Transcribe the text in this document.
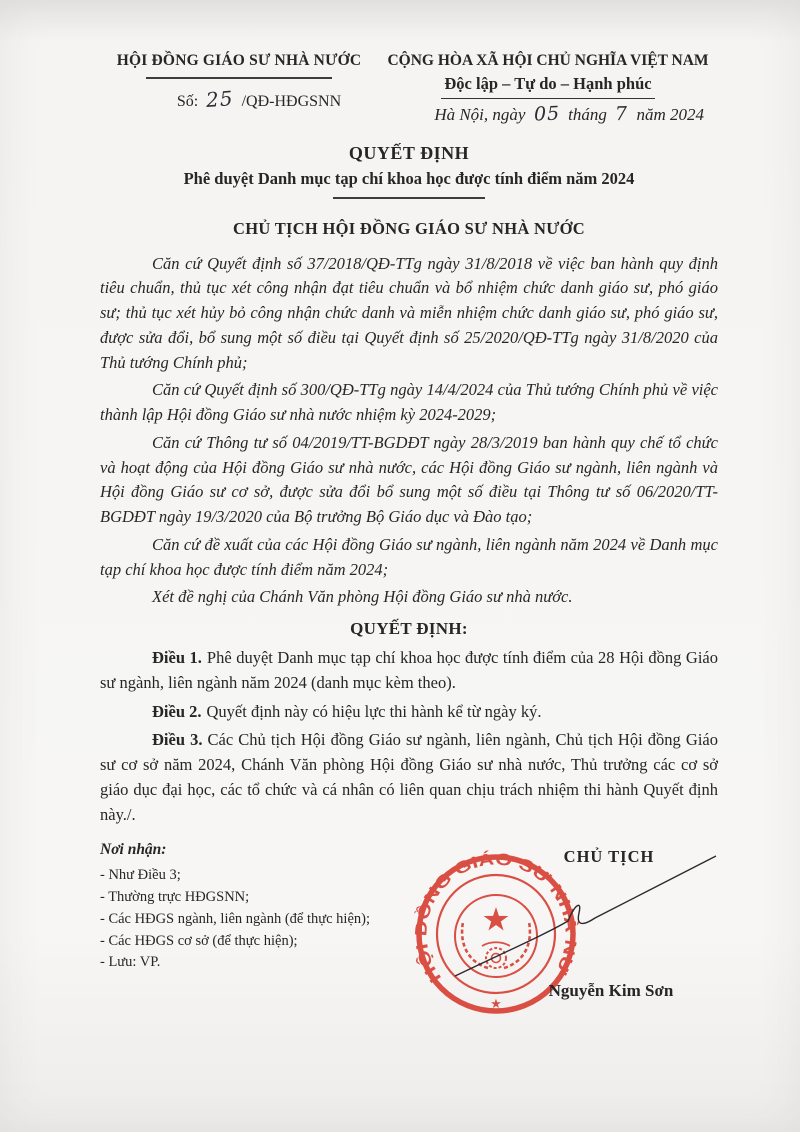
HỘI ĐỒNG GIÁO SƯ NHÀ NƯỚC
Số: 25 /QĐ-HĐGSNN
CỘNG HÒA XÃ HỘI CHỦ NGHĨA VIỆT NAM
Độc lập – Tự do – Hạnh phúc
Hà Nội, ngày 05 tháng 7 năm 2024
QUYẾT ĐỊNH
Phê duyệt Danh mục tạp chí khoa học được tính điểm năm 2024
CHỦ TỊCH HỘI ĐỒNG GIÁO SƯ NHÀ NƯỚC

Căn cứ Quyết định số 37/2018/QĐ-TTg ngày 31/8/2018 về việc ban hành quy định tiêu chuẩn, thủ tục xét công nhận đạt tiêu chuẩn và bổ nhiệm chức danh giáo sư, phó giáo sư; thủ tục xét hủy bỏ công nhận chức danh và miễn nhiệm chức danh giáo sư, phó giáo sư, được sửa đổi, bổ sung một số điều tại Quyết định số 25/2020/QĐ-TTg ngày 31/8/2020 của Thủ tướng Chính phủ;

Căn cứ Quyết định số 300/QĐ-TTg ngày 14/4/2024 của Thủ tướng Chính phủ về việc thành lập Hội đồng Giáo sư nhà nước nhiệm kỳ 2024-2029;

Căn cứ Thông tư số 04/2019/TT-BGDĐT ngày 28/3/2019 ban hành quy chế tổ chức và hoạt động của Hội đồng Giáo sư nhà nước, các Hội đồng Giáo sư ngành, liên ngành và Hội đồng Giáo sư cơ sở, được sửa đổi bổ sung một số điều tại Thông tư số 06/2020/TT-BGDĐT ngày 19/3/2020 của Bộ trưởng Bộ Giáo dục và Đào tạo;

Căn cứ đề xuất của các Hội đồng Giáo sư ngành, liên ngành năm 2024 về Danh mục tạp chí khoa học được tính điểm năm 2024;

Xét đề nghị của Chánh Văn phòng Hội đồng Giáo sư nhà nước.

QUYẾT ĐỊNH:

Điều 1. Phê duyệt Danh mục tạp chí khoa học được tính điểm của 28 Hội đồng Giáo sư ngành, liên ngành năm 2024 (danh mục kèm theo).

Điều 2. Quyết định này có hiệu lực thi hành kể từ ngày ký.

Điều 3. Các Chủ tịch Hội đồng Giáo sư ngành, liên ngành, Chủ tịch Hội đồng Giáo sư cơ sở năm 2024, Chánh Văn phòng Hội đồng Giáo sư nhà nước, Thủ trưởng các cơ sở giáo dục đại học, các tổ chức và cá nhân có liên quan chịu trách nhiệm thi hành Quyết định này./.

Nơi nhận:
- Như Điều 3;
- Thường trực HĐGSNN;
- Các HĐGS ngành, liên ngành (để thực hiện);
- Các HĐGS cơ sở (để thực hiện);
- Lưu: VP.
CHỦ TỊCH
HỘI ĐỒNG GIÁO SƯ NHÀ NƯỚC
★
Nguyễn Kim Sơn
